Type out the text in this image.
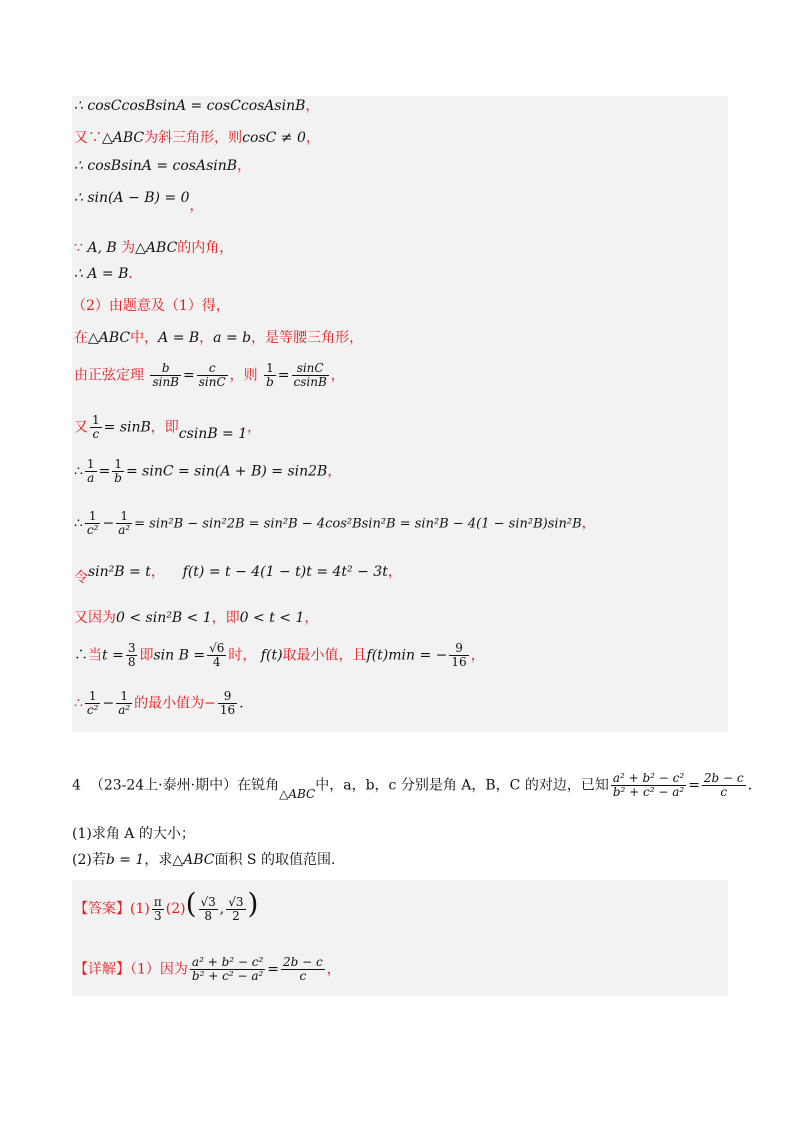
∴ cosCcosBsinA = cosCcosAsinB，
又∵△ABC为斜三角形，则cosC ≠ 0，
∴ cosBsinA = cosAsinB，
∴ sin(A − B) = 0，
∵ A, B 为△ABC的内角，
∴ A = B．
（2）由题意及（1）得，
在△ABC中，A = B，a = b，是等腰三角形，
由正弦定理 $\frac{b}{\sin B} = \frac{c}{\sin C}$ ，则 $\frac{1}{b} = \frac{\sin C}{csinB}$ ，
又 $\frac{1}{c} = \sin B$，即csinB = 1，
∴ $\frac{1}{a} = \frac{1}{b} = \sin C = \sin(A + B) = \sin 2B$，
∴ $\frac{1}{\text{c²}} - \frac{1}{\text{a²}} = \sin^2B - \sin^22B = \sin^2B - 4\cos^2Bsin^2B = \sin^2B - 4(1 - \sin^2B)\sin^2B$，
令sin²B = t， f(t) = t − 4(1 − t)t = 4t² − 3t，
又因为0 < sin²B < 1，即0 < t < 1，
∴当$t = \frac{3}{8}$ 即$\sin B = \frac{√6}{4}$ 时， f(t)取最小值，且f(t)min = − $\frac{9}{16}$ ，
∴ $\frac{1}{\text{c²}} - \frac{1}{\text{a²}}$ 的最小值为− $\frac{9}{16}$ .
4 （23-24上·泰州·期中）在锐角△ABC中，a，b，c 分别是角 A，B，C 的对边，已知 $\frac{\text{a² + b² − c²}}{\text{b² + c² − a²}} = \frac{2b - c}{c}$ .
(1)求角 A 的大小；
(2)若b = 1，求△ABC面积 S 的取值范围.
【答案】$(1) \frac{\pi}{3} (2)( \frac{√3}{8}$ , $\frac{√3}{2}$ )
【详解】（1）因为 $\frac{\text{a² + b² − c²}}{\text{b² + c² − a²}} = \frac{2b - c}{c}$ ，
